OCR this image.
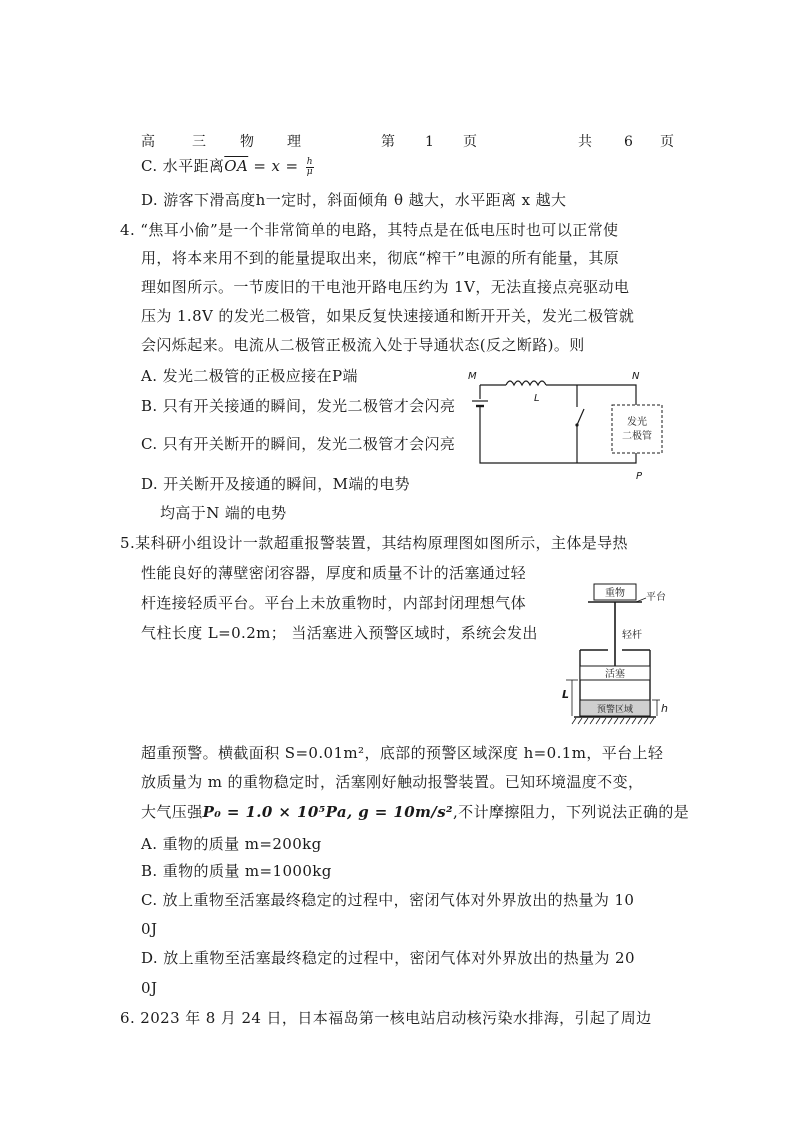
高	三 物 理	第 1 页	共 6 页
C. 水平距离$\overline{OA} = x = \frac{h}{\mu}$
D. 游客下滑高度h一定时，斜面倾角 θ 越大，水平距离 x 越大
4. “焦耳小偷”是一个非常简单的电路，其特点是在低电压时也可以正常使
用，将本来用不到的能量提取出来，彻底“榨干”电源的所有能量，其原
理如图所示。一节废旧的干电池开路电压约为 1V，无法直接点亮驱动电
压为 1.8V 的发光二极管，如果反复快速接通和断开开关，发光二极管就
会闪烁起来。电流从二极管正极流入处于导通状态(反之断路)。则
A. 发光二极管的正极应接在P端
B. 只有开关接通的瞬间，发光二极管才会闪亮
C. 只有开关断开的瞬间，发光二极管才会闪亮
D. 开关断开及接通的瞬间，M端的电势
均高于N 端的电势
M	N
L
P
发光
二极管
5.某科研小组设计一款超重报警装置，其结构原理图如图所示，主体是导热
性能良好的薄壁密闭容器，厚度和质量不计的活塞通过轻
杆连接轻质平台。平台上未放重物时，内部封闭理想气体
气柱长度 L=0.2m； 当活塞进入预警区域时，系统会发出
超重预警。横截面积 S=0.01m²，底部的预警区域深度 h=0.1m，平台上轻
放质量为 m 的重物稳定时，活塞刚好触动报警装置。已知环境温度不变，
大气压强P₀ = 1.0 × 10⁵Pa, g = 10m/s²,不计摩擦阻力，下列说法正确的是
A. 重物的质量 m=200kg
B. 重物的质量 m=1000kg
C. 放上重物至活塞最终稳定的过程中，密闭气体对外界放出的热量为 10
0J
D. 放上重物至活塞最终稳定的过程中，密闭气体对外界放出的热量为 20
0J
重物 平台
轻杆
活塞
预警区域
L
h
6. 2023 年 8 月 24 日，日本福岛第一核电站启动核污染水排海，引起了周边
